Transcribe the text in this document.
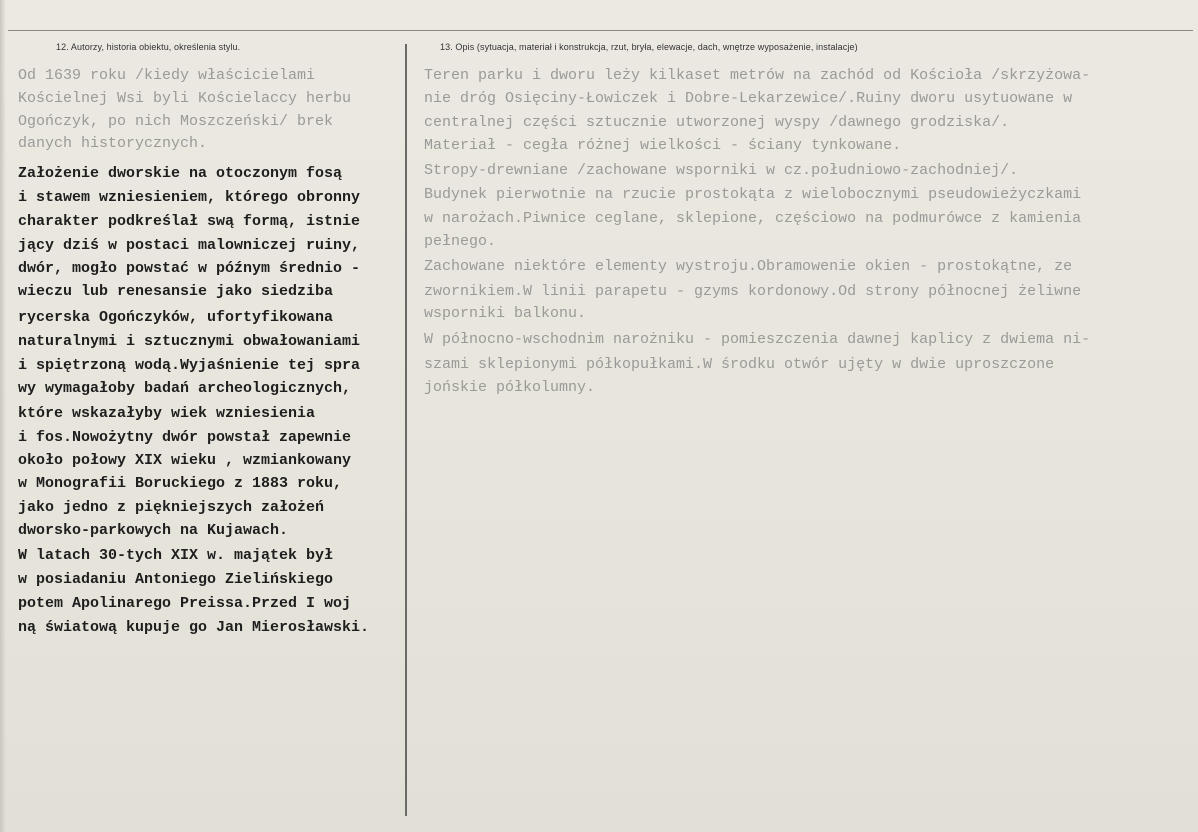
12. Autorzy, historia obiektu, określenia stylu.	13. Opis (sytuacja, materiał i konstrukcja, rzut, bryła, elewacje, dach, wnętrze wyposażenie, instalacje)
Od 1639 roku /kiedy właścicielami
Kościelnej Wsi byli Kościelaccy herbu
Ogończyk, po nich Moszczeński/ brek
danych historycznych.
Założenie dworskie na otoczonym fosą
i stawem wzniesieniem, którego obronny
charakter podkreślał swą formą, istnie
jący dziś w postaci malowniczej ruiny,
dwór, mogło powstać w późnym średnio -
wieczu lub renesansie jako siedziba
rycerska Ogończyków, ufortyfikowana
naturalnymi i sztucznymi obwałowaniami
i spiętrzoną wodą.Wyjaśnienie tej spra
wy wymagałoby badań archeologicznych,
które wskazałyby wiek wzniesienia
i fos.Nowożytny dwór powstał zapewnie
około połowy XIX wieku , wzmiankowany
w Monografii Boruckiego z 1883 roku,
jako jedno z piękniejszych założeń
dworsko-parkowych na Kujawach.
W latach 30-tych XIX w. majątek był
w posiadaniu Antoniego Zielińskiego
potem Apolinarego Preissa.Przed I woj
ną światową kupuje go Jan Mierosławski.
Teren parku i dworu leży kilkaset metrów na zachód od Kościoła /skrzyżowa-
nie dróg Osięciny-Łowiczek i Dobre-Lekarzewice/.Ruiny dworu usytuowane w
centralnej części sztucznie utworzonej wyspy /dawnego grodziska/.
Materiał - cegła różnej wielkości - ściany tynkowane.
Stropy-drewniane /zachowane wsporniki w cz.południowo-zachodniej/.
Budynek pierwotnie na rzucie prostokąta z wielobocznymi pseudowieżyczkami
w narożach.Piwnice ceglane, sklepione, częściowo na podmurówce z kamienia
pełnego.
Zachowane niektóre elementy wystroju.Obramowenie okien - prostokątne, ze
zwornikiem.W linii parapetu - gzyms kordonowy.Od strony północnej żeliwne
wsporniki balkonu.
W północno-wschodnim narożniku - pomieszczenia dawnej kaplicy z dwiema ni-
szami sklepionymi półkopułkami.W środku otwór ujęty w dwie uproszczone
jońskie półkolumny.
